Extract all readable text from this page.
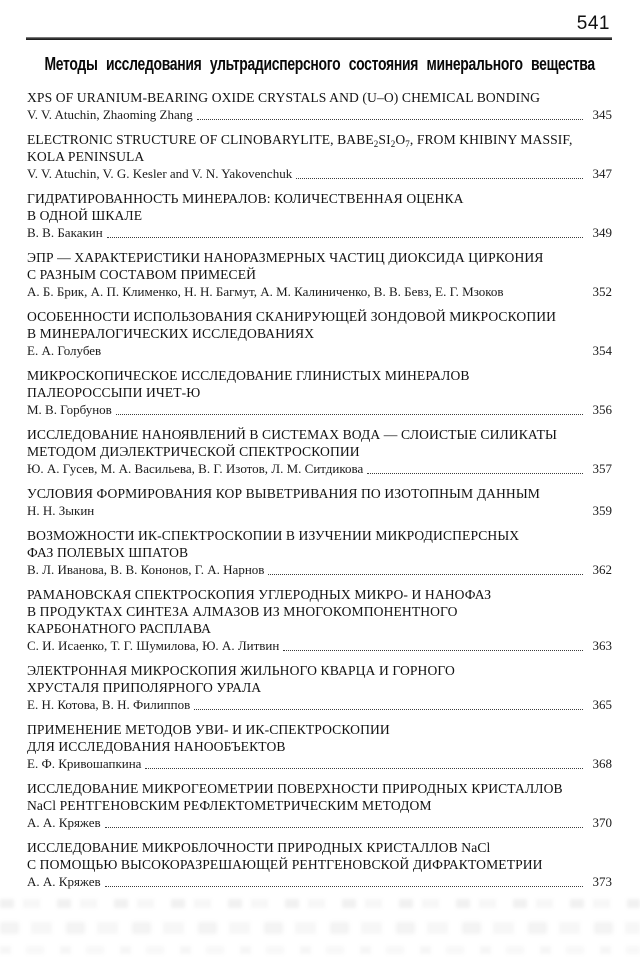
541
Методы исследования ультрадисперсного состояния минерального вещества
XPS OF URANIUM-BEARING OXIDE CRYSTALS AND (U–O) CHEMICAL BONDING
V. V. Atuchin, Zhaoming Zhang	345
ELECTRONIC STRUCTURE OF CLINOBARYLITE, $BABE_2SI_2O_7$, FROM KHIBINY MASSIF,
KOLA PENINSULA
V. V. Atuchin, V. G. Kesler and V. N. Yakovenchuk	347
ГИДРАТИРОВАННОСТЬ МИНЕРАЛОВ: КОЛИЧЕСТВЕННАЯ ОЦЕНКА
В ОДНОЙ ШКАЛЕ
В. В. Бакакин	349
ЭПР — ХАРАКТЕРИСТИКИ НАНОРАЗМЕРНЫХ ЧАСТИЦ ДИОКСИДА ЦИРКОНИЯ
С РАЗНЫМ СОСТАВОМ ПРИМЕСЕЙ
А. Б. Брик, А. П. Клименко, Н. Н. Багмут, А. М. Калиниченко, В. В. Бевз, Е. Г. Мзоков	352
ОСОБЕННОСТИ ИСПОЛЬЗОВАНИЯ СКАНИРУЮЩЕЙ ЗОНДОВОЙ МИКРОСКОПИИ
В МИНЕРАЛОГИЧЕСКИХ ИССЛЕДОВАНИЯХ
Е. А. Голубев	354
МИКРОСКОПИЧЕСКОЕ ИССЛЕДОВАНИЕ ГЛИНИСТЫХ МИНЕРАЛОВ
ПАЛЕОРОССЫПИ ИЧЕТ-Ю
М. В. Горбунов	356
ИССЛЕДОВАНИЕ НАНОЯВЛЕНИЙ В СИСТЕМАХ ВОДА — СЛОИСТЫЕ СИЛИКАТЫ
МЕТОДОМ ДИЭЛЕКТРИЧЕСКОЙ СПЕКТРОСКОПИИ
Ю. А. Гусев, М. А. Васильева, В. Г. Изотов, Л. М. Ситдикова	357
УСЛОВИЯ ФОРМИРОВАНИЯ КОР ВЫВЕТРИВАНИЯ ПО ИЗОТОПНЫМ ДАННЫМ
Н. Н. Зыкин	359
ВОЗМОЖНОСТИ ИК-СПЕКТРОСКОПИИ В ИЗУЧЕНИИ МИКРОДИСПЕРСНЫХ
ФАЗ ПОЛЕВЫХ ШПАТОВ
В. Л. Иванова, В. В. Кононов, Г. А. Нарнов	362
РАМАНОВСКАЯ СПЕКТРОСКОПИЯ УГЛЕРОДНЫХ МИКРО- И НАНОФАЗ
В ПРОДУКТАХ СИНТЕЗА АЛМАЗОВ ИЗ МНОГОКОМПОНЕНТНОГО
КАРБОНАТНОГО РАСПЛАВА
С. И. Исаенко, Т. Г. Шумилова, Ю. А. Литвин	363
ЭЛЕКТРОННАЯ МИКРОСКОПИЯ ЖИЛЬНОГО КВАРЦА И ГОРНОГО
ХРУСТАЛЯ ПРИПОЛЯРНОГО УРАЛА
Е. Н. Котова, В. Н. Филиппов	365
ПРИМЕНЕНИЕ МЕТОДОВ УВИ- И ИК-СПЕКТРОСКОПИИ
ДЛЯ ИССЛЕДОВАНИЯ НАНООБЪЕКТОВ
Е. Ф. Кривошапкина	368
ИССЛЕДОВАНИЕ МИКРОГЕОМЕТРИИ ПОВЕРХНОСТИ ПРИРОДНЫХ КРИСТАЛЛОВ
NaCl РЕНТГЕНОВСКИМ РЕФЛЕКТОМЕТРИЧЕСКИМ МЕТОДОМ
А. А. Кряжев	370
ИССЛЕДОВАНИЕ МИКРОБЛОЧНОСТИ ПРИРОДНЫХ КРИСТАЛЛОВ NaCl
С ПОМОЩЬЮ ВЫСОКОРАЗРЕШАЮЩЕЙ РЕНТГЕНОВСКОЙ ДИФРАКТОМЕТРИИ
А. А. Кряжев	373
